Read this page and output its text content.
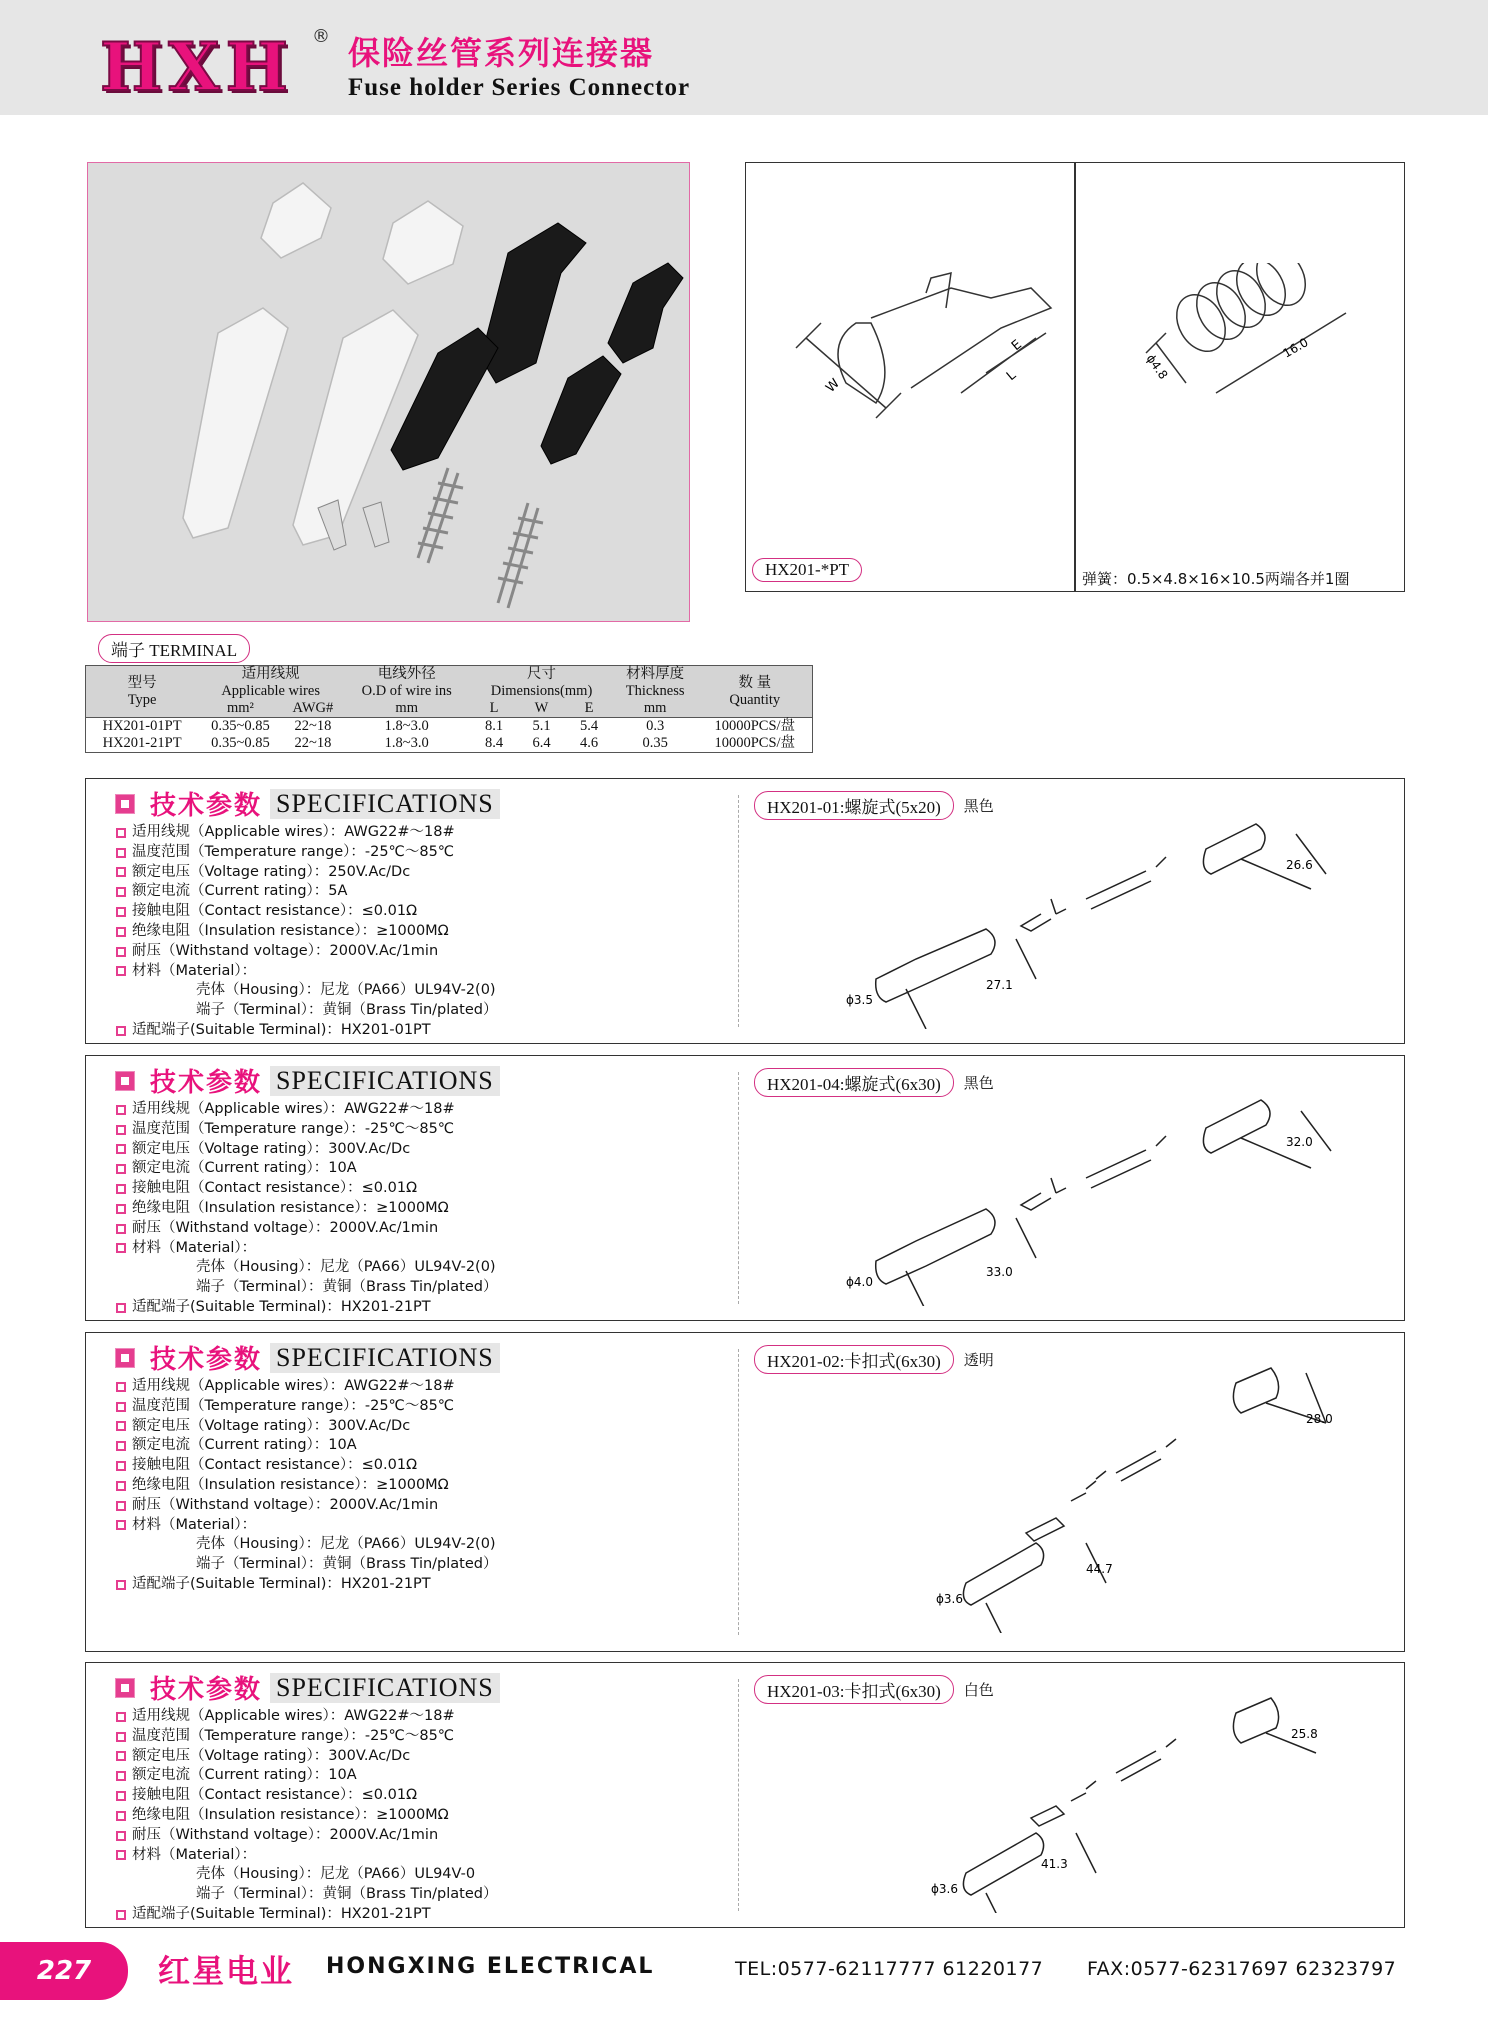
HXH ® 保险丝管系列连接器
Fuse holder Series Connector
W
E
L	ϕ4.8
16.0
HX201-*PT	弹簧：0.5×4.8×16×10.5两端各并1圈
端子 TERMINAL
型号
Type	适用线规
Applicable wires		电线外径
O.D of wire ins	尺寸
Dimensions(mm)			材料厚度
Thickness	数 量
Quantity
	mm²	AWG#	mm	L	W	E	mm	
HX201-01PT	0.35~0.85	22~18	1.8~3.0	8.1	5.1	5.4	0.3	10000PCS/盘
HX201-21PT	0.35~0.85	22~18	1.8~3.0	8.4	6.4	4.6	0.35	10000PCS/盘
技术参数 SPECIFICATIONS
适用线规（Applicable wires）：AWG22#～18#
温度范围（Temperature range）：-25℃～85℃
额定电压（Voltage rating）：250V.Ac/Dc
额定电流（Current rating）：5A
接触电阻（Contact resistance）：≤0.01Ω
绝缘电阻（Insulation resistance）：≥1000MΩ
耐压（Withstand voltage）：2000V.Ac/1min
材料（Material）：
壳体（Housing）：尼龙（PA66）UL94V-2(0)
端子（Terminal）：黄铜（Brass Tin/plated）
适配端子(Suitable Terminal)：HX201-01PT
HX201-01:螺旋式(5x20)	黑色
26.6
27.1
ϕ3.5
技术参数 SPECIFICATIONS
适用线规（Applicable wires）：AWG22#～18#
温度范围（Temperature range）：-25℃～85℃
额定电压（Voltage rating）：300V.Ac/Dc
额定电流（Current rating）：10A
接触电阻（Contact resistance）：≤0.01Ω
绝缘电阻（Insulation resistance）：≥1000MΩ
耐压（Withstand voltage）：2000V.Ac/1min
材料（Material）：
壳体（Housing）：尼龙（PA66）UL94V-2(0)
端子（Terminal）：黄铜（Brass Tin/plated）
适配端子(Suitable Terminal)：HX201-21PT
HX201-04:螺旋式(6x30)	黑色
32.0
33.0
ϕ4.0
技术参数 SPECIFICATIONS
适用线规（Applicable wires）：AWG22#～18#
温度范围（Temperature range）：-25℃～85℃
额定电压（Voltage rating）：300V.Ac/Dc
额定电流（Current rating）：10A
接触电阻（Contact resistance）：≤0.01Ω
绝缘电阻（Insulation resistance）：≥1000MΩ
耐压（Withstand voltage）：2000V.Ac/1min
材料（Material）：
壳体（Housing）：尼龙（PA66）UL94V-2(0)
端子（Terminal）：黄铜（Brass Tin/plated）
适配端子(Suitable Terminal)：HX201-21PT
HX201-02:卡扣式(6x30)	透明
28.0
44.7
ϕ3.6
技术参数 SPECIFICATIONS
适用线规（Applicable wires）：AWG22#～18#
温度范围（Temperature range）：-25℃～85℃
额定电压（Voltage rating）：300V.Ac/Dc
额定电流（Current rating）：10A
接触电阻（Contact resistance）：≤0.01Ω
绝缘电阻（Insulation resistance）：≥1000MΩ
耐压（Withstand voltage）：2000V.Ac/1min
材料（Material）：
壳体（Housing）：尼龙（PA66）UL94V-0
端子（Terminal）：黄铜（Brass Tin/plated）
适配端子(Suitable Terminal)：HX201-21PT
HX201-03:卡扣式(6x30)	白色
25.8
41.3
ϕ3.6
227	红星电业 HONGXING ELECTRICAL	TEL:0577-62117777 61220177 FAX:0577-62317697 62323797
